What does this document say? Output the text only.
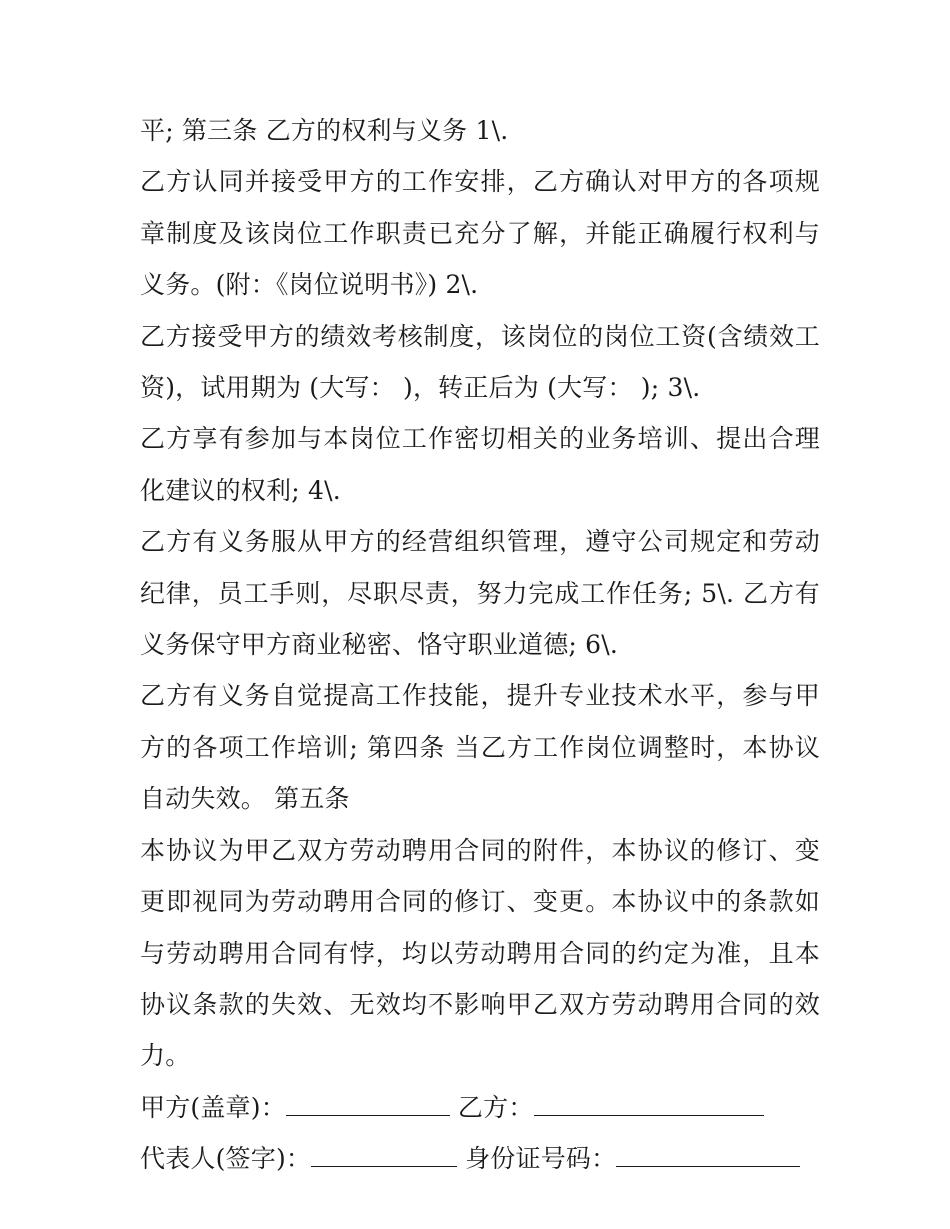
平; 第三条 乙方的权利与义务 1\.

乙方认同并接受甲方的工作安排，乙方确认对甲方的各项规章制度及该岗位工作职责已充分了解，并能正确履行权利与义务。(附：《岗位说明书》) 2\.

乙方接受甲方的绩效考核制度，该岗位的岗位工资(含绩效工资)，试用期为 (大写： )，转正后为 (大写： ); 3\.

乙方享有参加与本岗位工作密切相关的业务培训、提出合理化建议的权利; 4\.

乙方有义务服从甲方的经营组织管理，遵守公司规定和劳动纪律，员工手则，尽职尽责，努力完成工作任务; 5\. 乙方有义务保守甲方商业秘密、恪守职业道德; 6\.

乙方有义务自觉提高工作技能，提升专业技术水平，参与甲方的各项工作培训; 第四条 当乙方工作岗位调整时，本协议自动失效。 第五条

本协议为甲乙双方劳动聘用合同的附件，本协议的修订、变更即视同为劳动聘用合同的修订、变更。本协议中的条款如与劳动聘用合同有悖，均以劳动聘用合同的约定为准，且本协议条款的失效、无效均不影响甲乙双方劳动聘用合同的效力。

甲方(盖章)：	乙方：

代表人(签字)：	身份证号码：
